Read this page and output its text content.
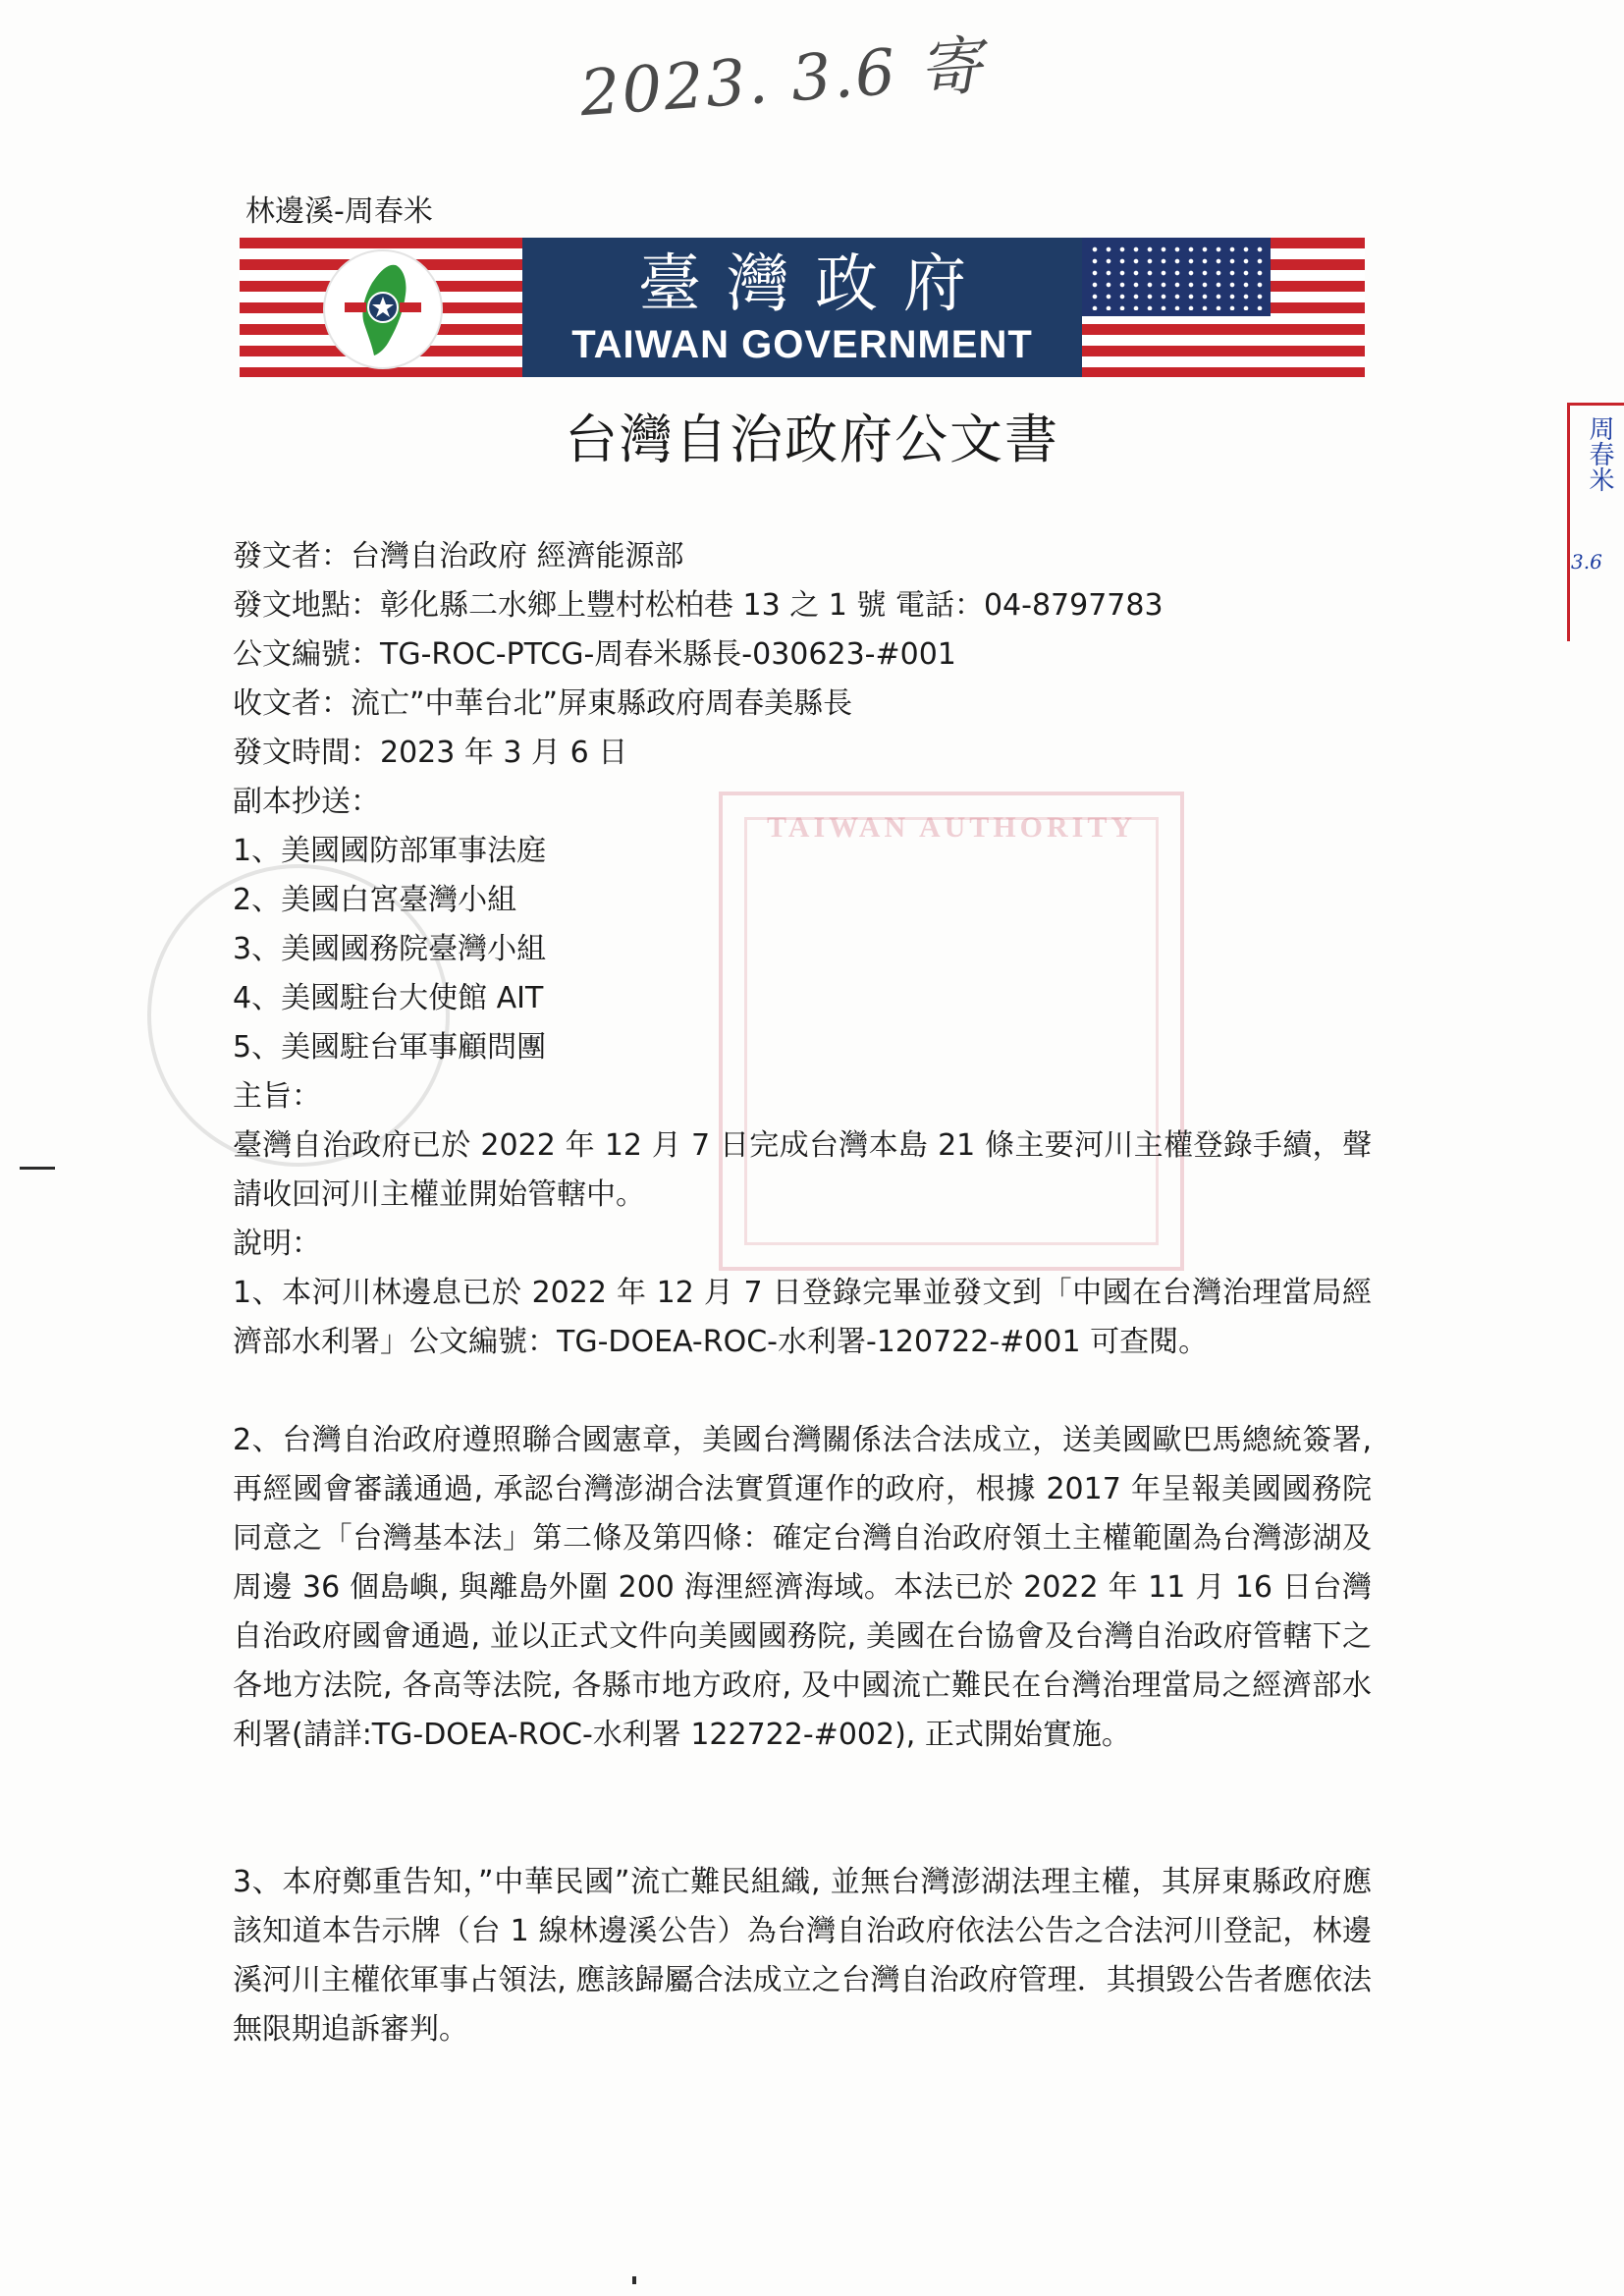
TAIWAN AUTHORITY
2023. 3.6 寄
林邊溪-周春米
臺灣政府
TAIWAN GOVERNMENT
台灣自治政府公文書
發文者：台灣自治政府 經濟能源部
發文地點：彰化縣二水鄉上豐村松柏巷 13 之 1 號 電話：04-8797783
公文編號：TG-ROC-PTCG-周春米縣長-030623-#001
收文者：流亡”中華台北”屏東縣政府周春美縣長
發文時間：2023 年 3 月 6 日
副本抄送：
1、美國國防部軍事法庭
2、美國白宮臺灣小組
3、美國國務院臺灣小組
4、美國駐台大使館 AIT
5、美國駐台軍事顧問團
主旨：
臺灣自治政府已於 2022 年 12 月 7 日完成台灣本島 21 條主要河川主權登錄手續，聲請收回河川主權並開始管轄中。
說明：
1、本河川林邊息已於 2022 年 12 月 7 日登錄完畢並發文到「中國在台灣治理當局經濟部水利署」公文編號：TG-DOEA-ROC-水利署-120722-#001 可查閱。
2、台灣自治政府遵照聯合國憲章，美國台灣關係法合法成立，送美國歐巴馬總統簽署, 再經國會審議通過, 承認台灣澎湖合法實質運作的政府，根據 2017 年呈報美國國務院同意之「台灣基本法」第二條及第四條：確定台灣自治政府領土主權範圍為台灣澎湖及周邊 36 個島嶼, 與離島外圍 200 海浬經濟海域。本法已於 2022 年 11 月 16 日台灣自治政府國會通過, 並以正式文件向美國國務院, 美國在台協會及台灣自治政府管轄下之各地方法院, 各高等法院, 各縣市地方政府, 及中國流亡難民在台灣治理當局之經濟部水利署(請詳:TG-DOEA-ROC-水利署 122722-#002), 正式開始實施。
3、本府鄭重告知，”中華民國”流亡難民組織, 並無台灣澎湖法理主權，其屏東縣政府應該知道本告示牌（台 1 線林邊溪公告）為台灣自治政府依法公告之合法河川登記，林邊溪河川主權依軍事占領法, 應該歸屬合法成立之台灣自治政府管理．其損毀公告者應依法無限期追訴審判。
周春米
3.6
